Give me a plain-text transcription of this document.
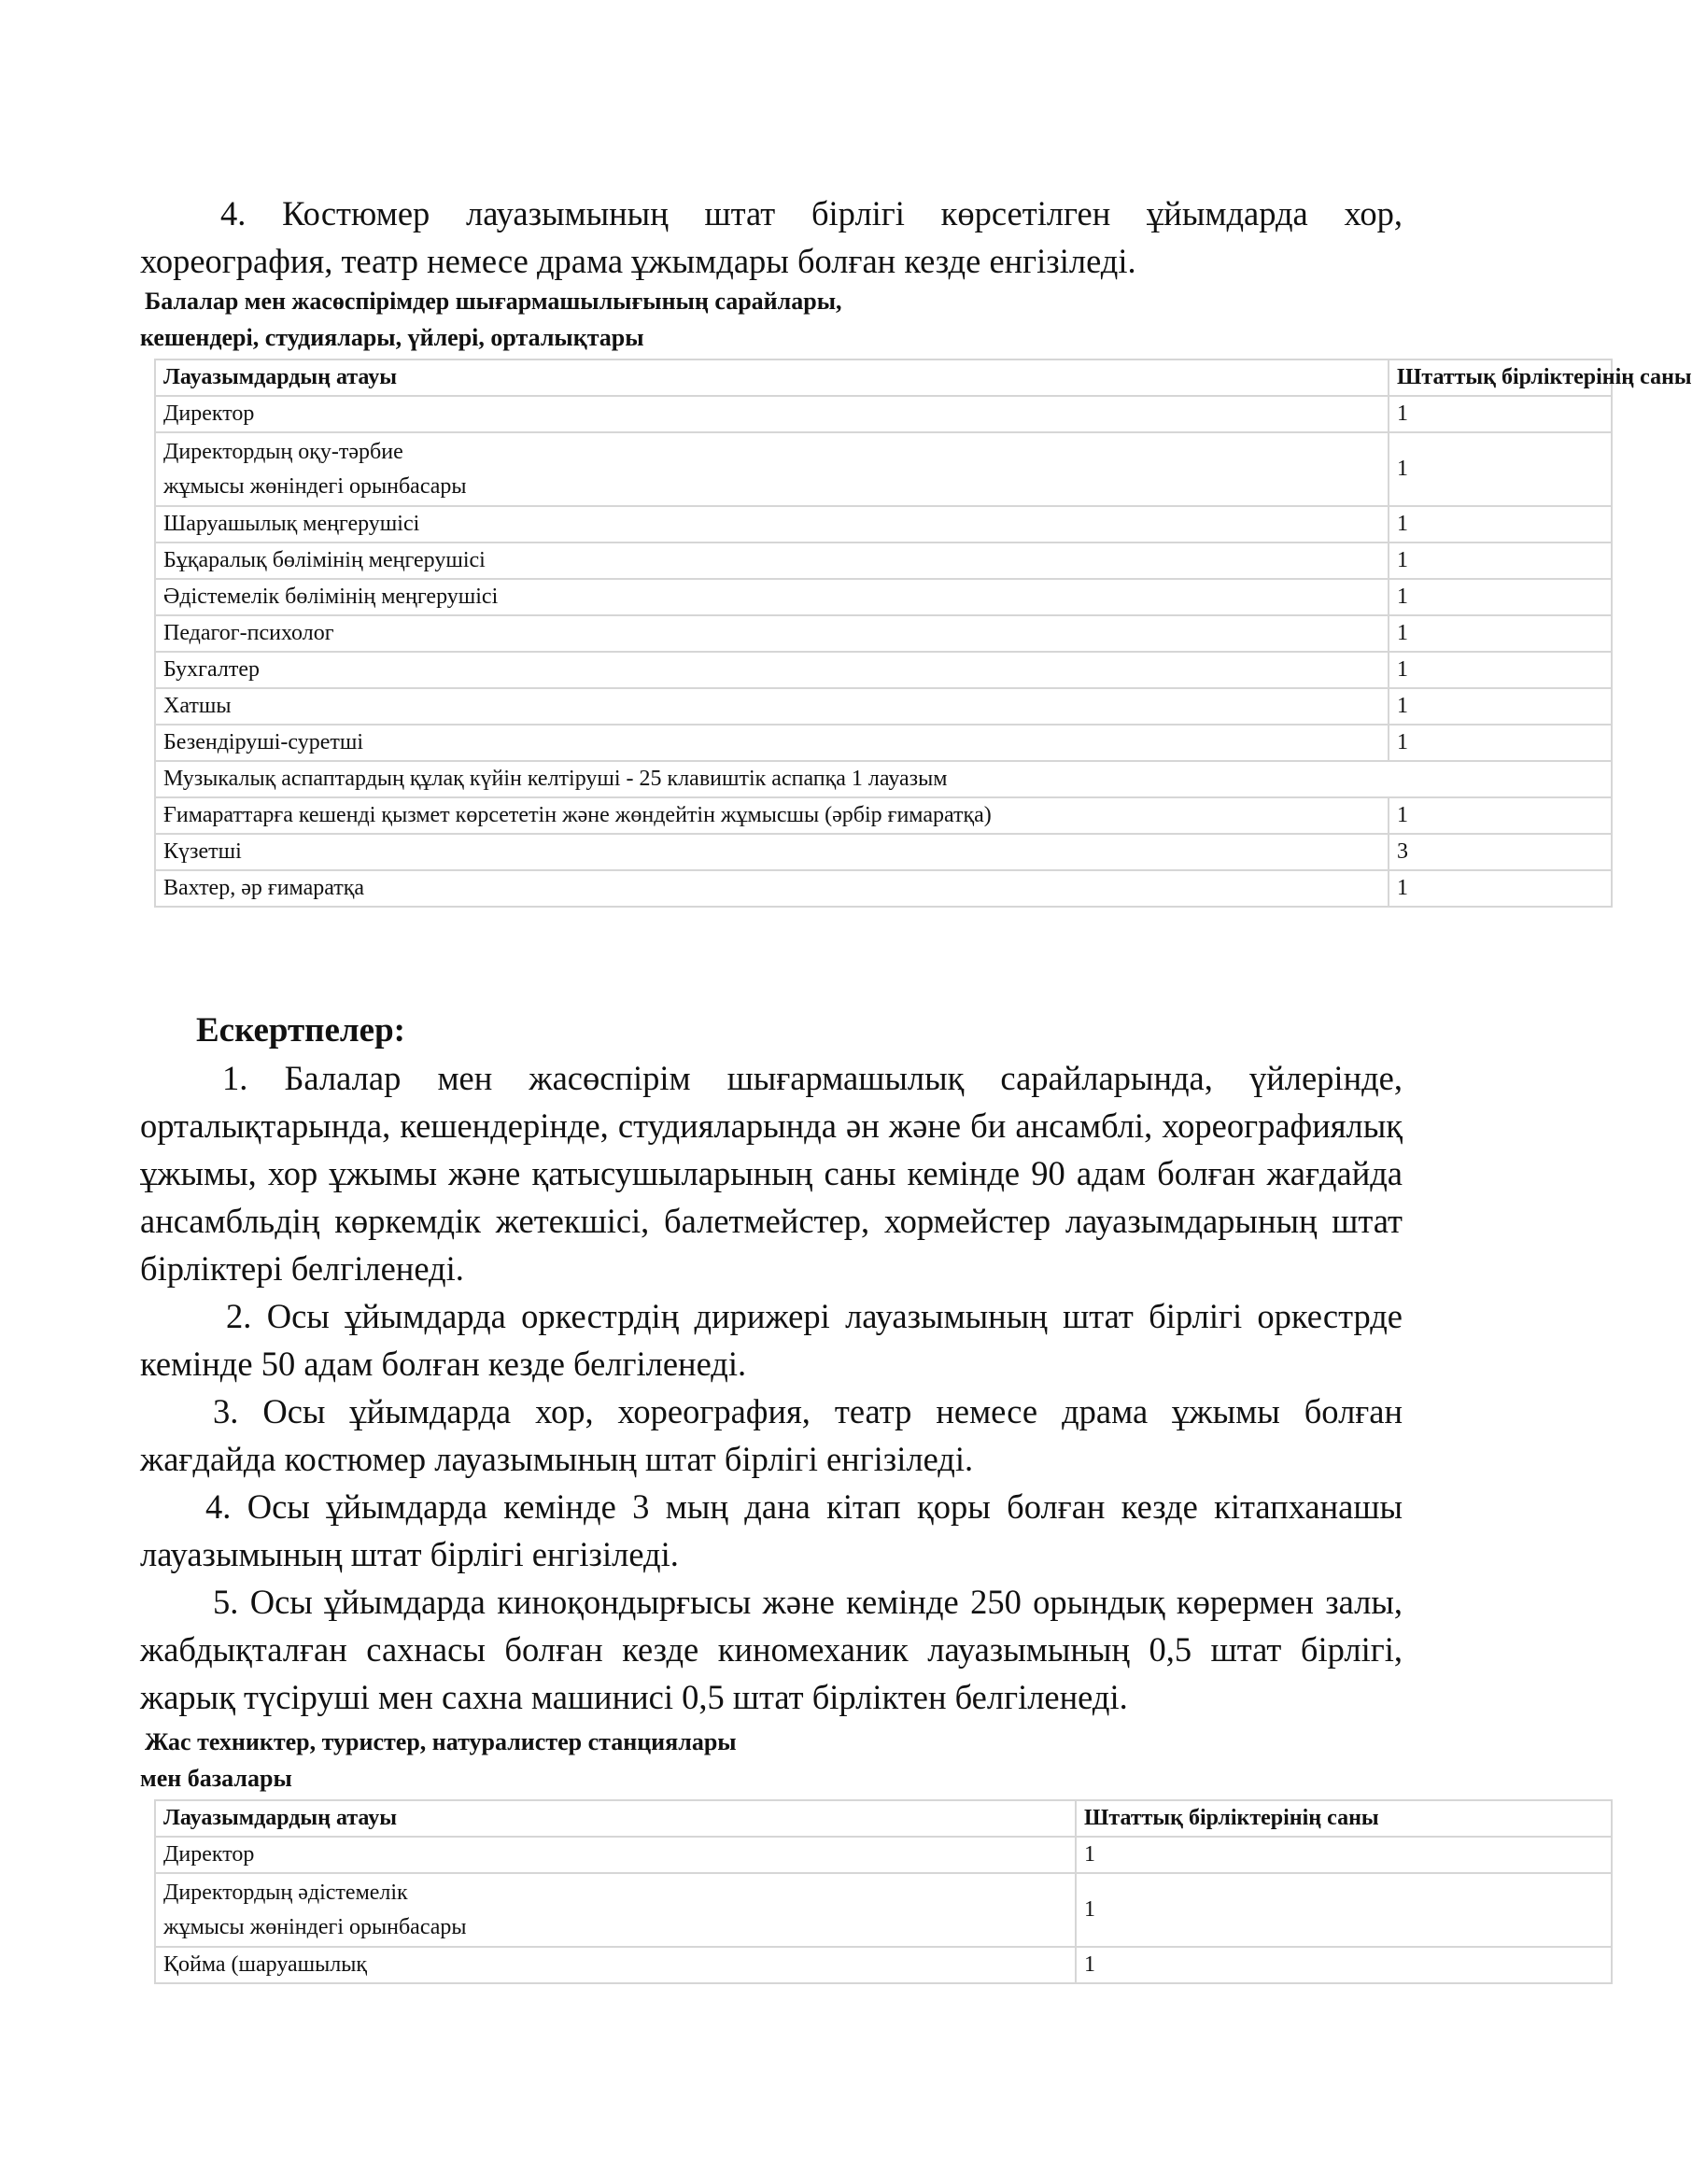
4. Костюмер лауазымының штат бірлігі көрсетілген ұйымдарда хор, хореография, театр немесе драма ұжымдары болған кезде енгізіледі.

Балалар мен жасөспірімдер шығармашылығының сарайлары,
кешендері, студиялары, үйлері, орталықтары
Лауазымдардың атауы	Штаттық бірліктерінің саны
Директор	1
Директордың оқу-тәрбие
жұмысы жөніндегі орынбасары	1
Шаруашылық меңгерушісі	1
Бұқаралық бөлімінің меңгерушісі	1
Әдістемелік бөлімінің меңгерушісі	1
Педагог-психолог	1
Бухгалтер	1
Хатшы	1
Безендіруші-суретші	1
Музыкалық аспаптардың құлақ күйін келтіруші - 25 клавиштік аспапқа 1 лауазым	
Ғимараттарға кешенді қызмет көрсететін және жөндейтін жұмысшы (әрбір ғимаратқа)	1
Күзетші	3
Вахтер, әр ғимаратқа	1
Ескертпелер:

1. Балалар мен жасөспірім шығармашылық сарайларында, үйлерінде, орталықтарында, кешендерінде, студияларында ән және би ансамблі, хореографиялық ұжымы, хор ұжымы және қатысушыларының саны кемінде 90 адам болған жағдайда ансамбльдің көркемдік жетекшісі, балетмейстер, хормейстер лауазымдарының штат бірліктері белгіленеді.

2. Осы ұйымдарда оркестрдің дирижері лауазымының штат бірлігі оркестрде кемінде 50 адам болған кезде белгіленеді.

3. Осы ұйымдарда хор, хореография, театр немесе драма ұжымы болған жағдайда костюмер лауазымының штат бірлігі енгізіледі.

4. Осы ұйымдарда кемінде 3 мың дана кітап қоры болған кезде кітапханашы лауазымының штат бірлігі енгізіледі.

5. Осы ұйымдарда киноқондырғысы және кемінде 250 орындық көрермен залы, жабдықталған сахнасы болған кезде киномеханик лауазымының 0,5 штат бірлігі, жарық түсіруші мен сахна машинисі 0,5 штат бірліктен белгіленеді.

Жас техниктер, туристер, натуралистер станциялары
мен базалары
Лауазымдардың атауы	Штаттық бірліктерінің саны
Директор	1
Директордың әдістемелік
жұмысы жөніндегі орынбасары	1
Қойма (шаруашылық	1
